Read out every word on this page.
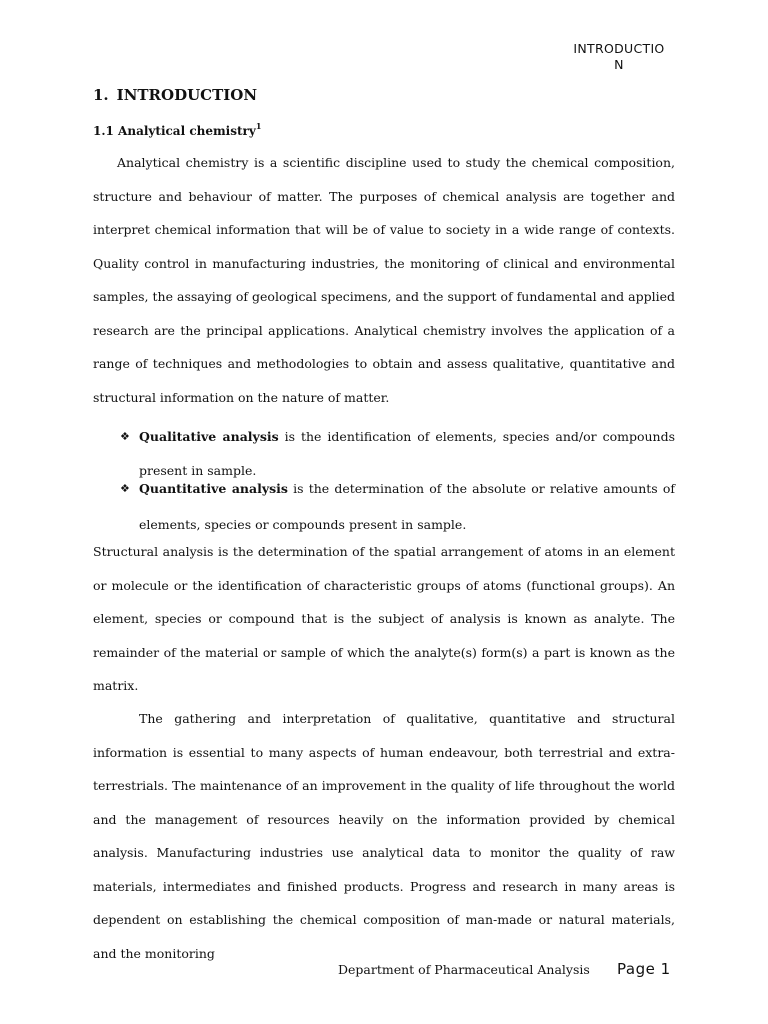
INTRODUCTIO
N
1. INTRODUCTION
1.1 Analytical chemistry$^1$

Analytical chemistry is a scientific discipline used to study the chemical composition, structure and behaviour of matter. The purposes of chemical analysis are together and interpret chemical information that will be of value to society in a wide range of contexts. Quality control in manufacturing industries, the monitoring of clinical and environmental samples, the assaying of geological specimens, and the support of fundamental and applied research are the principal applications. Analytical chemistry involves the application of a range of techniques and methodologies to obtain and assess qualitative, quantitative and structural information on the nature of matter.

❖ Qualitative analysis is the identification of elements, species and/or compounds present in sample.
❖ Quantitative analysis is the determination of the absolute or relative amounts of elements, species or compounds present in sample.

Structural analysis is the determination of the spatial arrangement of atoms in an element or molecule or the identification of characteristic groups of atoms (functional groups). An element, species or compound that is the subject of analysis is known as analyte. The remainder of the material or sample of which the analyte(s) form(s) a part is known as the matrix.

The gathering and interpretation of qualitative, quantitative and structural information is essential to many aspects of human endeavour, both terrestrial and extra-terrestrials. The maintenance of an improvement in the quality of life throughout the world and the management of resources heavily on the information provided by chemical analysis. Manufacturing industries use analytical data to monitor the quality of raw materials, intermediates and finished products. Progress and research in many areas is dependent on establishing the chemical composition of man-made or natural materials, and the monitoring

Department of Pharmaceutical Analysis Page 1
